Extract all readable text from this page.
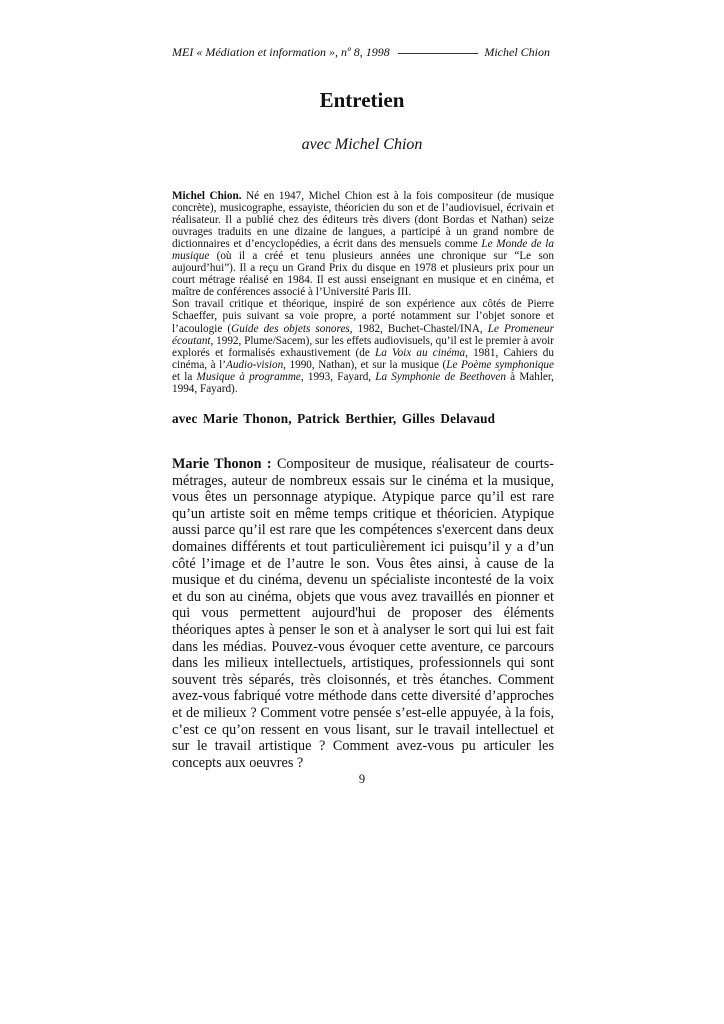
MEI « Médiation et information », nº 8, 1998	Michel Chion
Entretien
avec Michel Chion

Michel Chion. Né en 1947, Michel Chion est à la fois compositeur (de musique concrète), musicographe, essayiste, théoricien du son et de l’audiovisuel, écrivain et réalisateur. Il a publié chez des éditeurs très divers (dont Bordas et Nathan) seize ouvrages traduits en une dizaine de langues, a participé à un grand nombre de dictionnaires et d’encyclopédies, a écrit dans des mensuels comme Le Monde de la musique (où il a créé et tenu plusieurs années une chronique sur “Le son aujourd’hui”). Il a reçu un Grand Prix du disque en 1978 et plusieurs prix pour un court métrage réalisé en 1984. Il est aussi enseignant en musique et en cinéma, et maître de conférences associé à l’Université Paris III.

Son travail critique et théorique, inspiré de son expérience aux côtés de Pierre Schaeffer, puis suivant sa voie propre, a porté notamment sur l’objet sonore et l’acoulogie (Guide des objets sonores, 1982, Buchet-Chastel/INA, Le Promeneur écoutant, 1992, Plume/Sacem), sur les effets audiovisuels, qu’il est le premier à avoir explorés et formalisés exhaustivement (de La Voix au cinéma, 1981, Cahiers du cinéma, à l’Audio-vision, 1990, Nathan), et sur la musique (Le Poème symphonique et la Musique à programme, 1993, Fayard, La Symphonie de Beethoven à Mahler, 1994, Fayard).

avec Marie Thonon, Patrick Berthier, Gilles Delavaud
Marie Thonon : Compositeur de musique, réalisateur de courts-métrages, auteur de nombreux essais sur le cinéma et la musique, vous êtes un personnage atypique. Atypique parce qu’il est rare qu’un artiste soit en même temps critique et théoricien. Atypique aussi parce qu’il est rare que les compétences s'exercent dans deux domaines différents et tout particulièrement ici puisqu’il y a d’un côté l’image et de l’autre le son. Vous êtes ainsi, à cause de la musique et du cinéma, devenu un spécialiste incontesté de la voix et du son au cinéma, objets que vous avez travaillés en pionner et qui vous permettent aujourd'hui de proposer des éléments théoriques aptes à penser le son et à analyser le sort qui lui est fait dans les médias. Pouvez-vous évoquer cette aventure, ce parcours dans les milieux intellectuels, artistiques, professionnels qui sont souvent très séparés, très cloisonnés, et très étanches. Comment avez-vous fabriqué votre méthode dans cette diversité d’approches et de milieux ? Comment votre pensée s’est-elle appuyée, à la fois, c’est ce qu’on ressent en vous lisant, sur le travail intellectuel et sur le travail artistique ? Comment avez-vous pu articuler les concepts aux oeuvres ?
9
